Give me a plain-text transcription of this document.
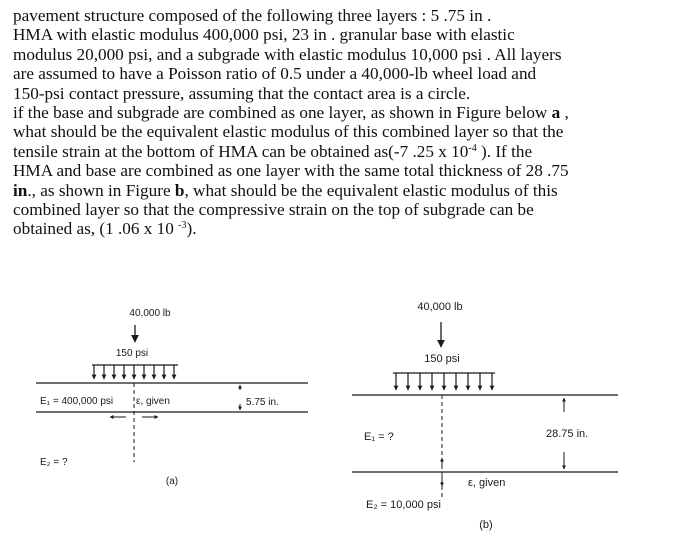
pavement structure composed of the following three layers : 5 .75 in .
HMA with elastic modulus 400,000 psi, 23 in . granular base with elastic
modulus 20,000 psi, and a subgrade with elastic modulus 10,000 psi . All layers
are assumed to have a Poisson ratio of 0.5 under a 40,000-lb wheel load and
150-psi contact pressure, assuming that the contact area is a circle.
if the base and subgrade are combined as one layer, as shown in Figure below a ,
what should be the equivalent elastic modulus of this combined layer so that the
tensile strain at the bottom of HMA can be obtained as(-7 .25 x $10^{-4}$ ). If the
HMA and base are combined as one layer with the same total thickness of 28 .75
in., as shown in Figure b, what should be the equivalent elastic modulus of this
combined layer so that the compressive strain on the top of subgrade can be
obtained as, (1 .06 x 10 $^{-3}$).
40,000 lb
150 psi
E₁ = 400,000 psi ε, given	5.75 in.
E₂ = ?
(a)
40,000 lb
150 psi
E₁ = ?	28.75 in.
ε, given
E₂ = 10,000 psi
(b)
